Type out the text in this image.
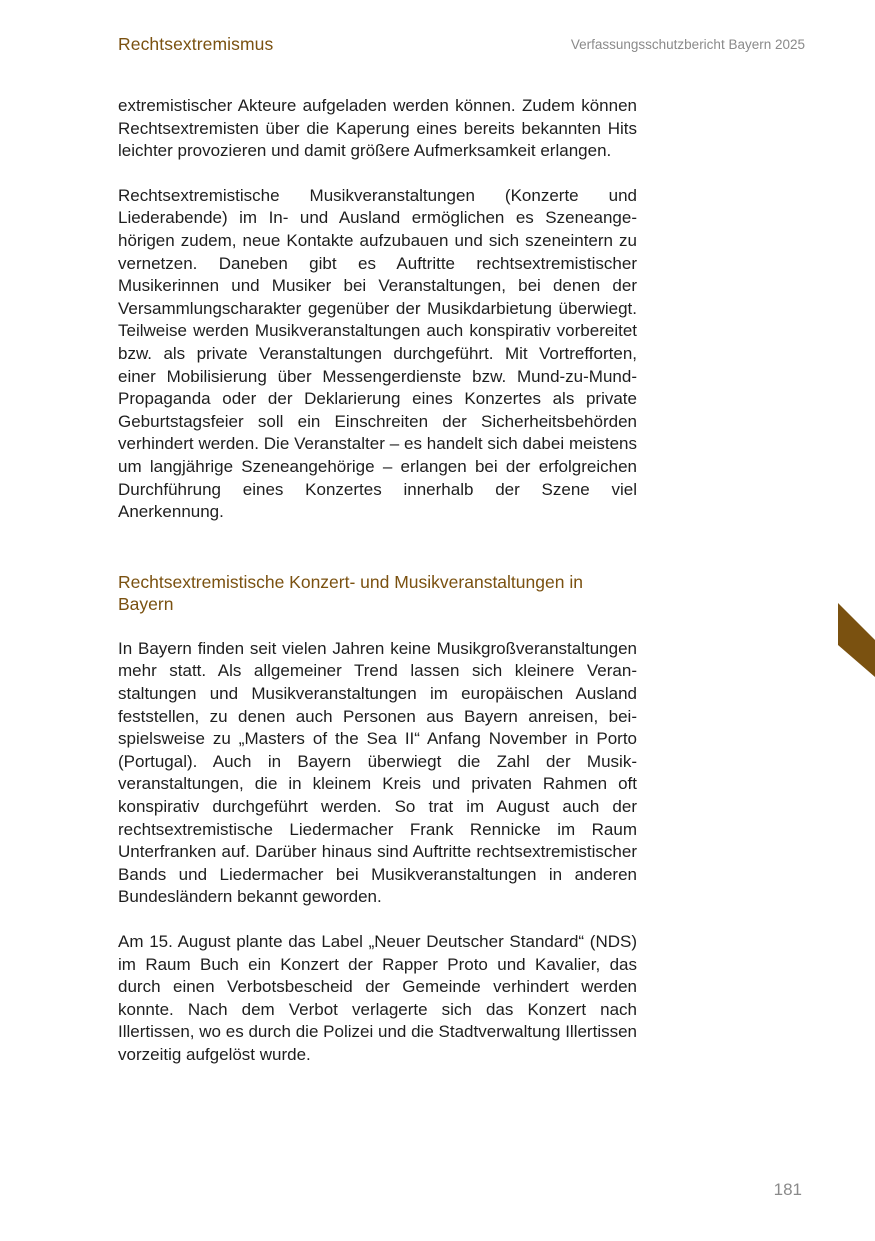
Rechtsextremismus	Verfassungsschutzbericht Bayern 2025

extremistischer Akteure aufgeladen werden können. Zudem können Rechtsextremisten über die Kaperung eines bereits bekannten Hits leichter provozieren und damit größere Aufmerksamkeit erlangen.

Rechtsextremistische Musikveranstaltungen (Konzerte und Liederabende) im In- und Ausland ermöglichen es Szeneangehörigen zudem, neue Kontakte aufzubauen und sich szeneintern zu vernetzen. Daneben gibt es Auftritte rechtsextremistischer Musikerinnen und Musiker bei Veranstaltungen, bei denen der Versammlungscharakter gegenüber der Musikdarbietung überwiegt. Teilweise werden Musikveranstaltungen auch konspirativ vorbereitet bzw. als private Veranstaltungen durchgeführt. Mit Vortrefforten, einer Mobilisierung über Messengerdienste bzw. Mund-zu-Mund-Propaganda oder der Deklarierung eines Konzertes als private Geburtstagsfeier soll ein Einschreiten der Sicherheitsbehörden verhindert werden. Die Veranstalter – es handelt sich dabei meistens um langjährige Szeneangehörige – erlangen bei der erfolgreichen Durchführung eines Konzertes innerhalb der Szene viel Anerkennung.

Rechtsextremistische Konzert- und Musikveranstaltungen in Bayern

In Bayern finden seit vielen Jahren keine Musikgroßveranstaltungen mehr statt. Als allgemeiner Trend lassen sich kleinere Veranstaltungen und Musikveranstaltungen im europäischen Ausland feststellen, zu denen auch Personen aus Bayern anreisen, beispielsweise zu „Masters of the Sea II“ Anfang November in Porto (Portugal). Auch in Bayern überwiegt die Zahl der Musikveranstaltungen, die in kleinem Kreis und privaten Rahmen oft konspirativ durchgeführt werden. So trat im August auch der rechtsextremistische Liedermacher Frank Rennicke im Raum Unterfranken auf. Darüber hinaus sind Auftritte rechtsextremistischer Bands und Liedermacher bei Musikveranstaltungen in anderen Bundesländern bekannt geworden.

Am 15. August plante das Label „Neuer Deutscher Standard“ (NDS) im Raum Buch ein Konzert der Rapper Proto und Kavalier, das durch einen Verbotsbescheid der Gemeinde verhindert werden konnte. Nach dem Verbot verlagerte sich das Konzert nach Illertissen, wo es durch die Polizei und die Stadtverwaltung Illertissen vorzeitig aufgelöst wurde.

181
